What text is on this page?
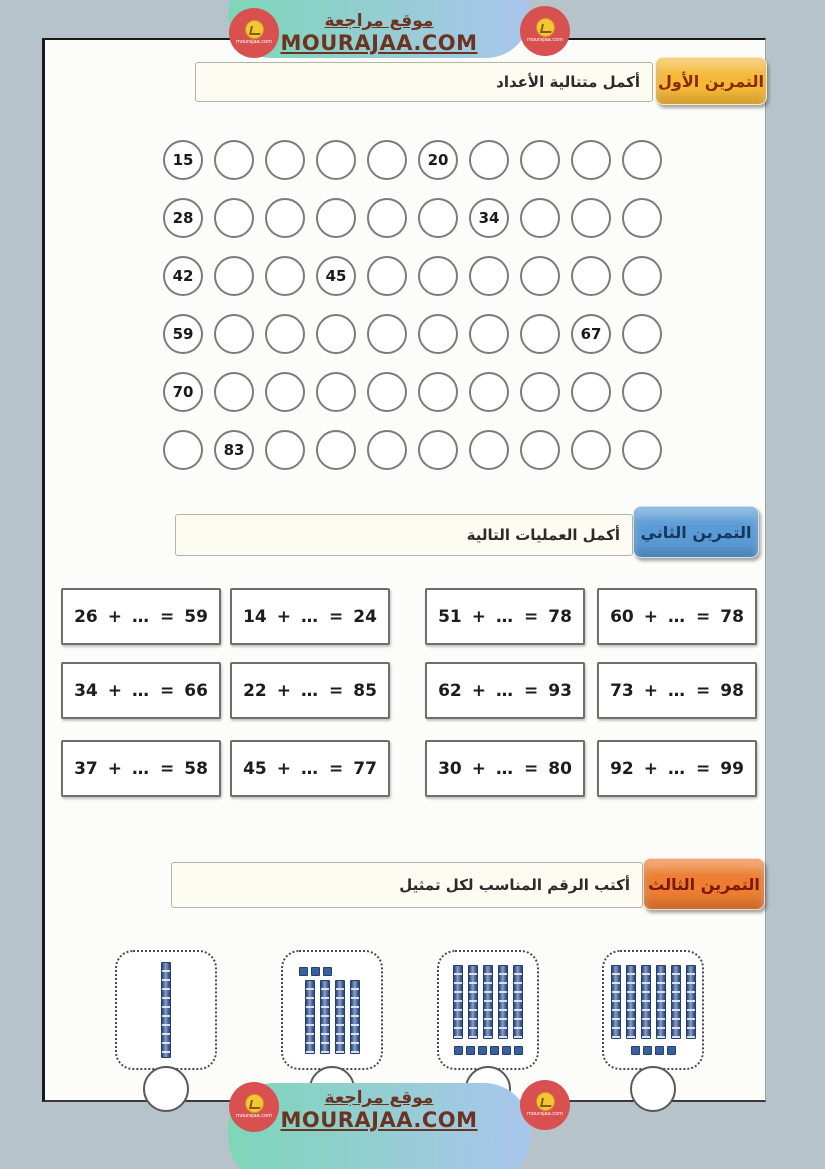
أكمل متتالية الأعداد	التمرين الأول
15	20
28	34
42	45
59	67
70
83
أكمل العمليات التالية	التمرين الثاني
26 + … = 59 14 + … = 24	51 + … = 78 60 + … = 78
34 + … = 66 22 + … = 85	62 + … = 93 73 + … = 98
37 + … = 58 45 + … = 77	30 + … = 80 92 + … = 99
أكتب الرقم المناسب لكل تمثيل	التمرين الثالث
موقع مراجعة
MOURAJAA.COM
mourajaa.com	mourajaa.com
موقع مراجعة
MOURAJAA.COM
mourajaa.com	mourajaa.com
